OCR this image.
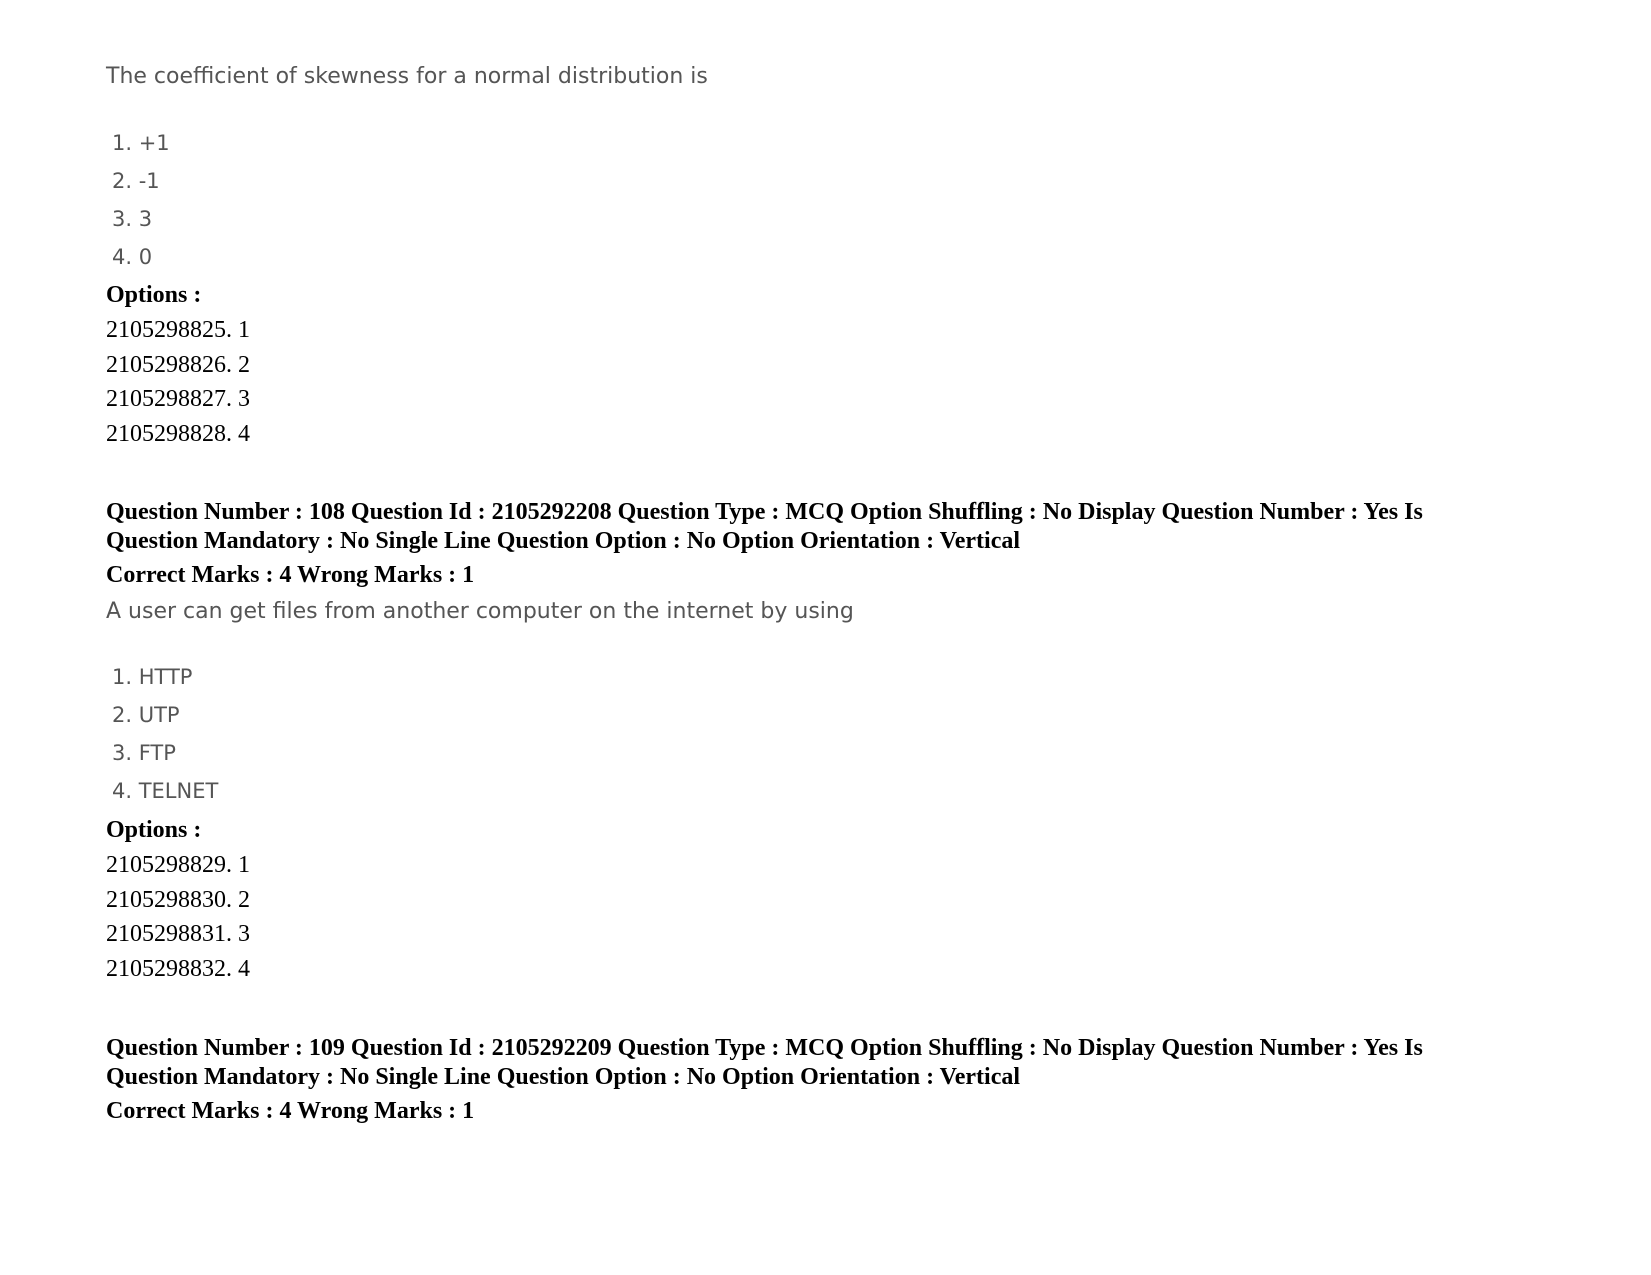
The coefficient of skewness for a normal distribution is

1. +1
2. -1
3. 3
4. 0

Options :

2105298825. 1
2105298826. 2
2105298827. 3
2105298828. 4
Question Number : 108 Question Id : 2105292208 Question Type : MCQ Option Shuffling : No Display Question Number : Yes Is
Question Mandatory : No Single Line Question Option : No Option Orientation : Vertical

Correct Marks : 4 Wrong Marks : 1

A user can get files from another computer on the internet by using

1. HTTP
2. UTP
3. FTP
4. TELNET

Options :

2105298829. 1
2105298830. 2
2105298831. 3
2105298832. 4
Question Number : 109 Question Id : 2105292209 Question Type : MCQ Option Shuffling : No Display Question Number : Yes Is
Question Mandatory : No Single Line Question Option : No Option Orientation : Vertical

Correct Marks : 4 Wrong Marks : 1
